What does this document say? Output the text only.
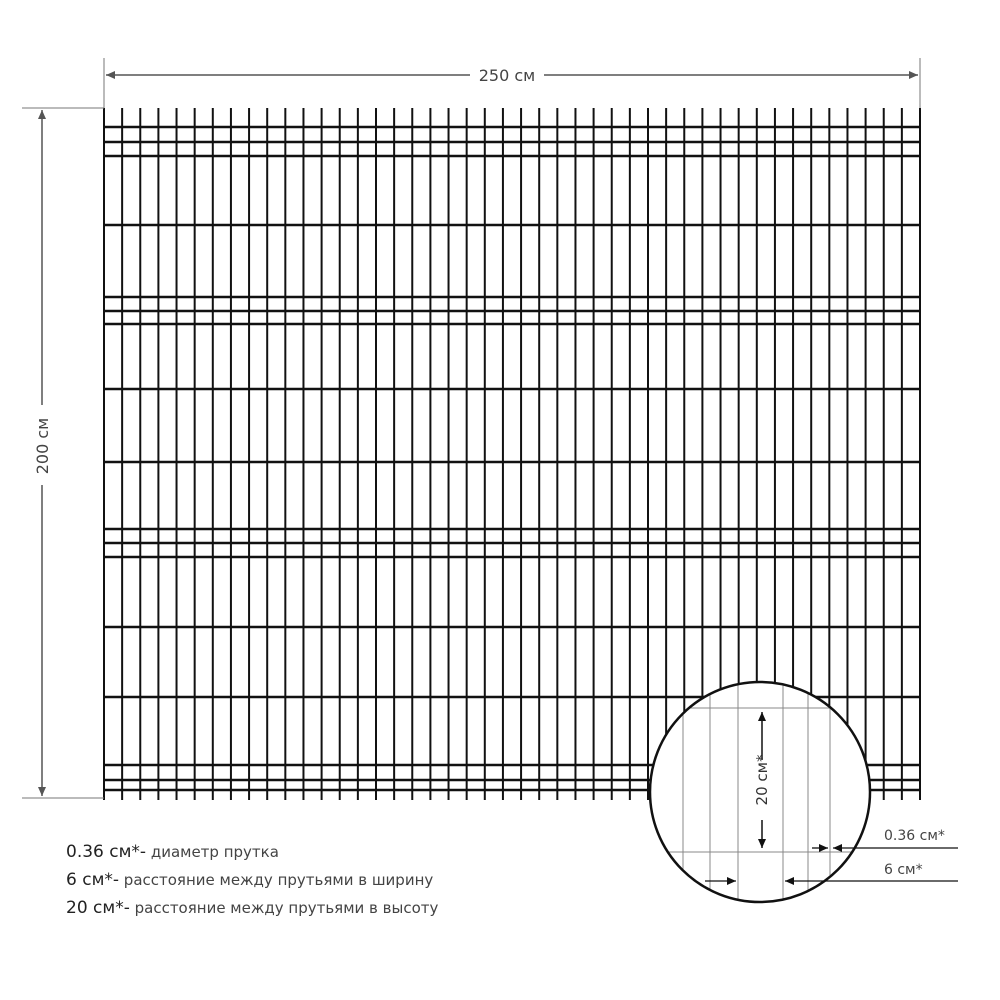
250 см
200 см
20 см*
0.36 см*
6 см*
0.36 см*- диаметр прутка
6 см*- расстояние между прутьями в ширину
20 см*- расстояние между прутьями в высоту
